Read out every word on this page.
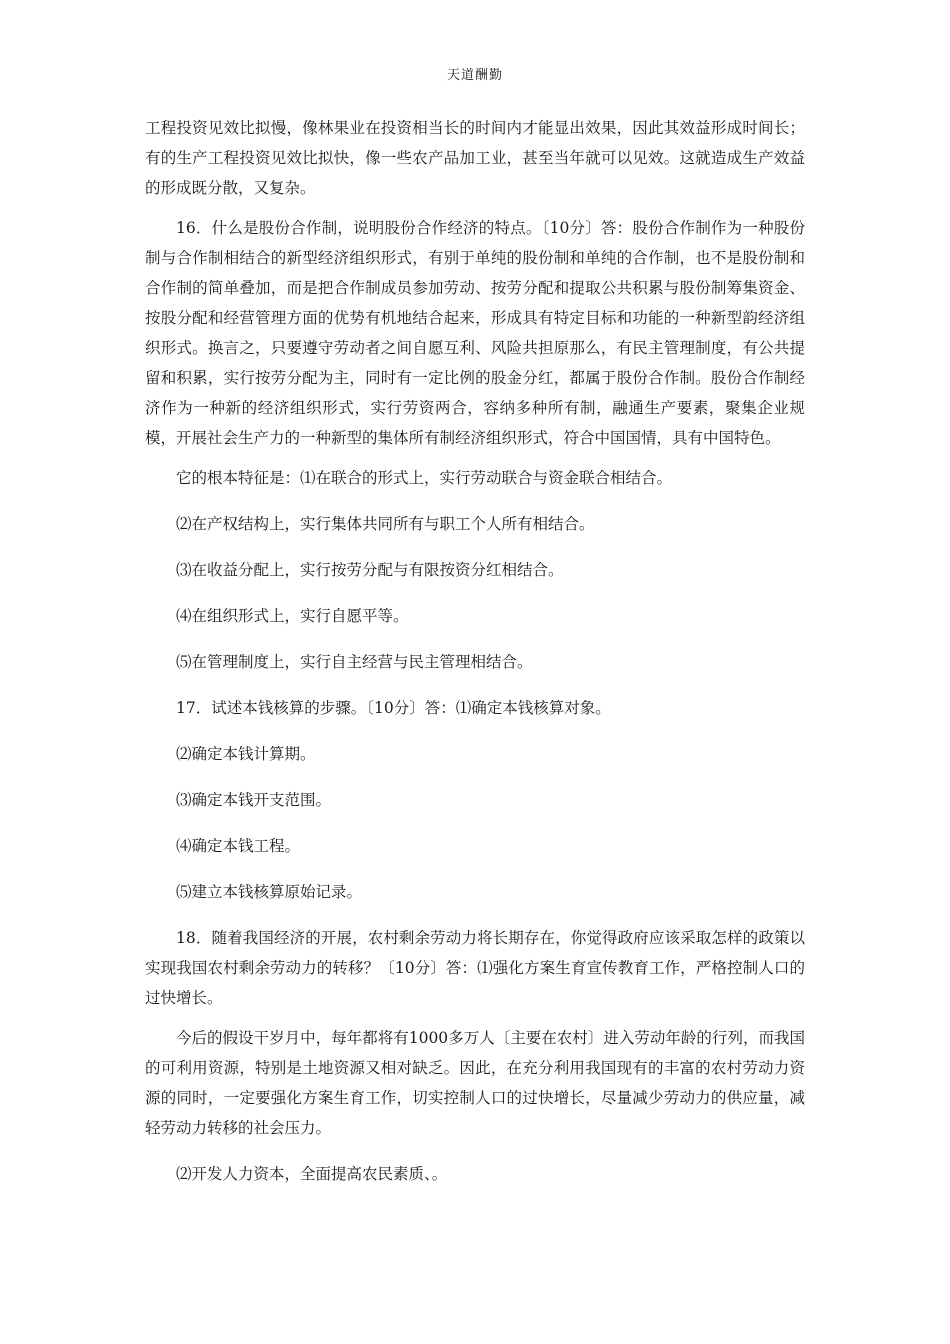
天道酬勤

工程投资见效比拟慢，像林果业在投资相当长的时间内才能显出效果，因此其效益形成时间长；有的生产工程投资见效比拟快，像一些农产品加工业，甚至当年就可以见效。这就造成生产效益的形成既分散，又复杂。

16．什么是股份合作制，说明股份合作经济的特点。〔10分〕答：股份合作制作为一种股份制与合作制相结合的新型经济组织形式，有别于单纯的股份制和单纯的合作制，也不是股份制和合作制的简单叠加，而是把合作制成员参加劳动、按劳分配和提取公共积累与股份制筹集资金、按股分配和经营管理方面的优势有机地结合起来，形成具有特定目标和功能的一种新型韵经济组织形式。换言之，只要遵守劳动者之间自愿互利、风险共担原那么，有民主管理制度，有公共提留和积累，实行按劳分配为主，同时有一定比例的股金分红，都属于股份合作制。股份合作制经济作为一种新的经济组织形式，实行劳资两合，容纳多种所有制，融通生产要素，聚集企业规模，开展社会生产力的一种新型的集体所有制经济组织形式，符合中国国情，具有中国特色。

它的根本特征是：⑴在联合的形式上，实行劳动联合与资金联合相结合。

⑵在产权结构上，实行集体共同所有与职工个人所有相结合。

⑶在收益分配上，实行按劳分配与有限按资分红相结合。

⑷在组织形式上，实行自愿平等。

⑸在管理制度上，实行自主经营与民主管理相结合。

17．试述本钱核算的步骤。〔10分〕答：⑴确定本钱核算对象。

⑵确定本钱计算期。

⑶确定本钱开支范围。

⑷确定本钱工程。

⑸建立本钱核算原始记录。

18．随着我国经济的开展，农村剩余劳动力将长期存在，你觉得政府应该采取怎样的政策以实现我国农村剩余劳动力的转移？〔10分〕答：⑴强化方案生育宣传教育工作，严格控制人口的过快增长。

今后的假设干岁月中，每年都将有1000多万人〔主要在农村〕进入劳动年龄的行列，而我国的可利用资源，特别是土地资源又相对缺乏。因此，在充分利用我国现有的丰富的农村劳动力资源的同时，一定要强化方案生育工作，切实控制人口的过快增长，尽量减少劳动力的供应量，减轻劳动力转移的社会压力。

⑵开发人力资本，全面提高农民素质、。
